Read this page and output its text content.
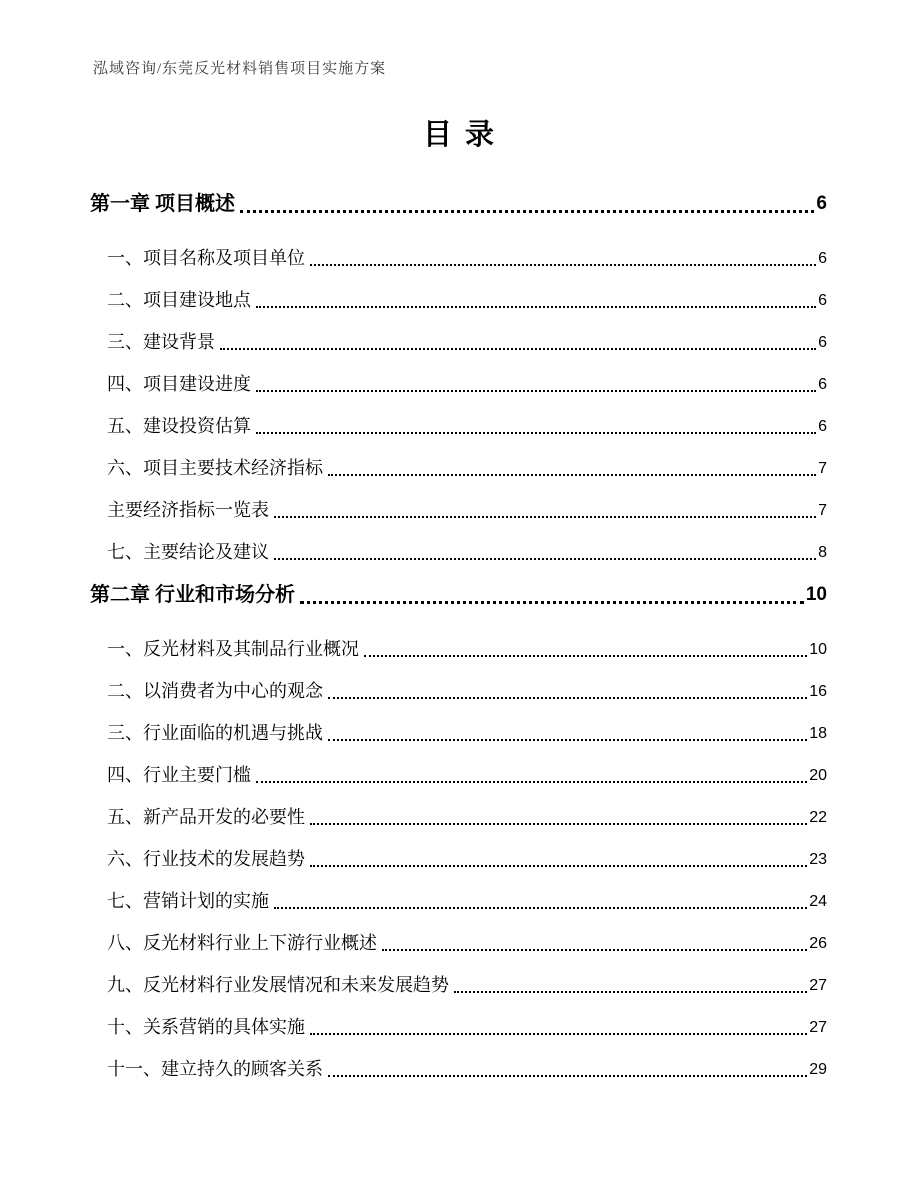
泓域咨询/东莞反光材料销售项目实施方案
目录
第一章 项目概述	6
一、项目名称及项目单位	6
二、项目建设地点	6
三、建设背景	6
四、项目建设进度	6
五、建设投资估算	6
六、项目主要技术经济指标	7
主要经济指标一览表	7
七、主要结论及建议	8
第二章 行业和市场分析	10
一、反光材料及其制品行业概况	10
二、以消费者为中心的观念	16
三、行业面临的机遇与挑战	18
四、行业主要门槛	20
五、新产品开发的必要性	22
六、行业技术的发展趋势	23
七、营销计划的实施	24
八、反光材料行业上下游行业概述	26
九、反光材料行业发展情况和未来发展趋势	27
十、关系营销的具体实施	27
十一、建立持久的顾客关系	29
